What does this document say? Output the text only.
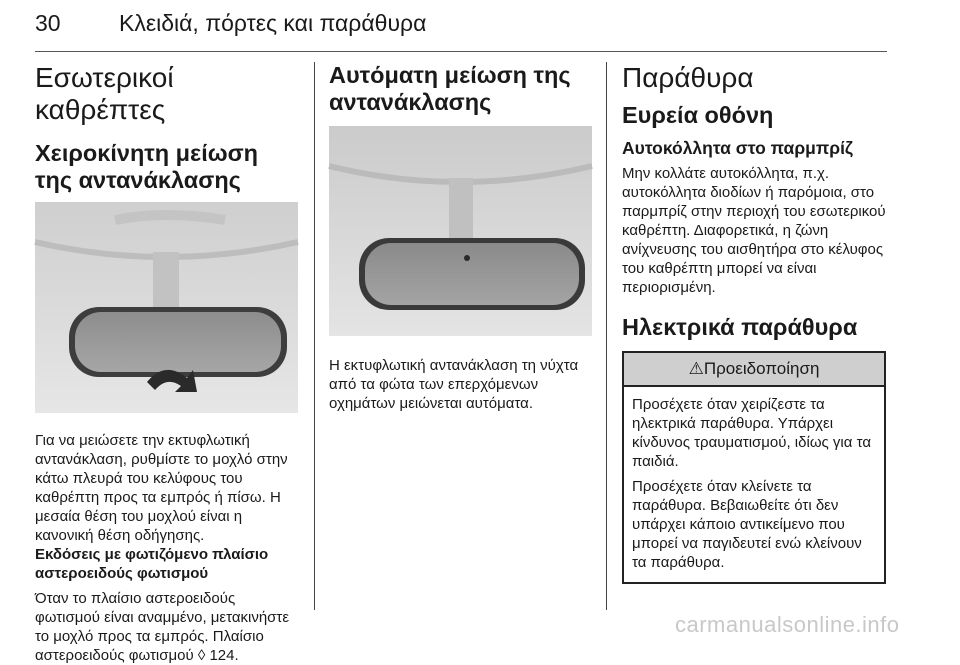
30	Κλειδιά, πόρτες και παράθυρα
Εσωτερικοί καθρέπτες
Χειροκίνητη μείωση της αντανάκλασης

Για να μειώσετε την εκτυφλωτική αντανάκλαση, ρυθμίστε το μοχλό στην κάτω πλευρά του κελύφους του καθρέπτη προς τα εμπρός ή πίσω. Η μεσαία θέση του μοχλού είναι η κανονική θέση οδήγησης.

Εκδόσεις με φωτιζόμενο πλαίσιο αστεροειδούς φωτισμού

Όταν το πλαίσιο αστεροειδούς φωτισμού είναι αναμμένο, μετακινήστε το μοχλό προς τα εμπρός. Πλαίσιο αστεροειδούς φωτισμού ◊ 124.

Αυτόματη μείωση της αντανάκλασης

Η εκτυφλωτική αντανάκλαση τη νύχτα από τα φώτα των επερχόμενων οχημάτων μειώνεται αυτόματα.

Παράθυρα
Ευρεία οθόνη
Αυτοκόλλητα στο παρμπρίζ

Μην κολλάτε αυτοκόλλητα, π.χ. αυτοκόλλητα διοδίων ή παρόμοια, στο παρμπρίζ στην περιοχή του εσωτερικού καθρέπτη. Διαφορετικά, η ζώνη ανίχνευσης του αισθητήρα στο κέλυφος του καθρέπτη μπορεί να είναι περιορισμένη.

Ηλεκτρικά παράθυρα
⚠Προειδοποίηση

Προσέχετε όταν χειρίζεστε τα ηλεκτρικά παράθυρα. Υπάρχει κίνδυνος τραυματισμού, ιδίως για τα παιδιά.

Προσέχετε όταν κλείνετε τα παράθυρα. Βεβαιωθείτε ότι δεν υπάρχει κάποιο αντικείμενο που μπορεί να παγιδευτεί ενώ κλείνουν τα παράθυρα.

carmanualsonline.info
